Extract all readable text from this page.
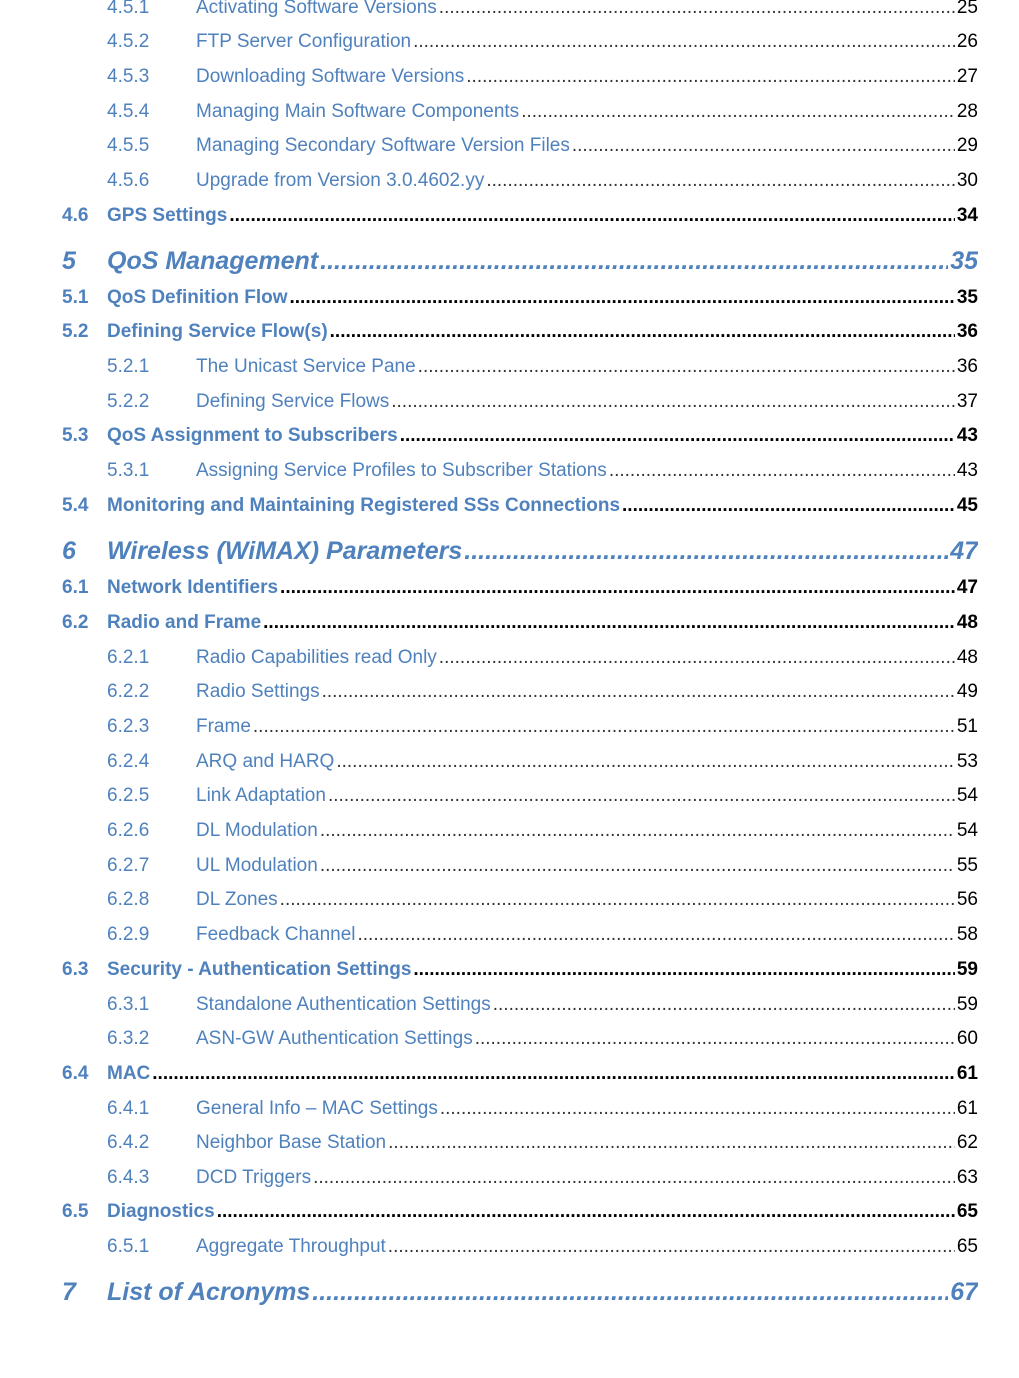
4.5.1	Activating Software Versions .....	25
4.5.2	FTP Server Configuration .....	26
4.5.3	Downloading Software Versions .....	27
4.5.4	Managing Main Software Components .....	28
4.5.5	Managing Secondary Software Version Files .....	29
4.5.6	Upgrade from Version 3.0.4602.yy .....	30
4.6 GPS Settings .....	34
5	QoS Management .....	35
5.1 QoS Definition Flow .....	35
5.2 Defining Service Flow(s) .....	36
5.2.1	The Unicast Service Pane .....	36
5.2.2	Defining Service Flows .....	37
5.3 QoS Assignment to Subscribers .....	43
5.3.1	Assigning Service Profiles to Subscriber Stations .....	43
5.4 Monitoring and Maintaining Registered SSs Connections .....	45
6	Wireless (WiMAX) Parameters .....	47
6.1 Network Identifiers .....	47
6.2 Radio and Frame .....	48
6.2.1	Radio Capabilities read Only .....	48
6.2.2	Radio Settings .....	49
6.2.3	Frame .....	51
6.2.4	ARQ and HARQ .....	53
6.2.5	Link Adaptation .....	54
6.2.6	DL Modulation .....	54
6.2.7	UL Modulation .....	55
6.2.8	DL Zones .....	56
6.2.9	Feedback Channel .....	58
6.3 Security - Authentication Settings .....	59
6.3.1	Standalone Authentication Settings .....	59
6.3.2	ASN-GW Authentication Settings .....	60
6.4 MAC .....	61
6.4.1	General Info – MAC Settings .....	61
6.4.2	Neighbor Base Station .....	62
6.4.3	DCD Triggers .....	63
6.5 Diagnostics .....	65
6.5.1	Aggregate Throughput .....	65
7	List of Acronyms .....	67
